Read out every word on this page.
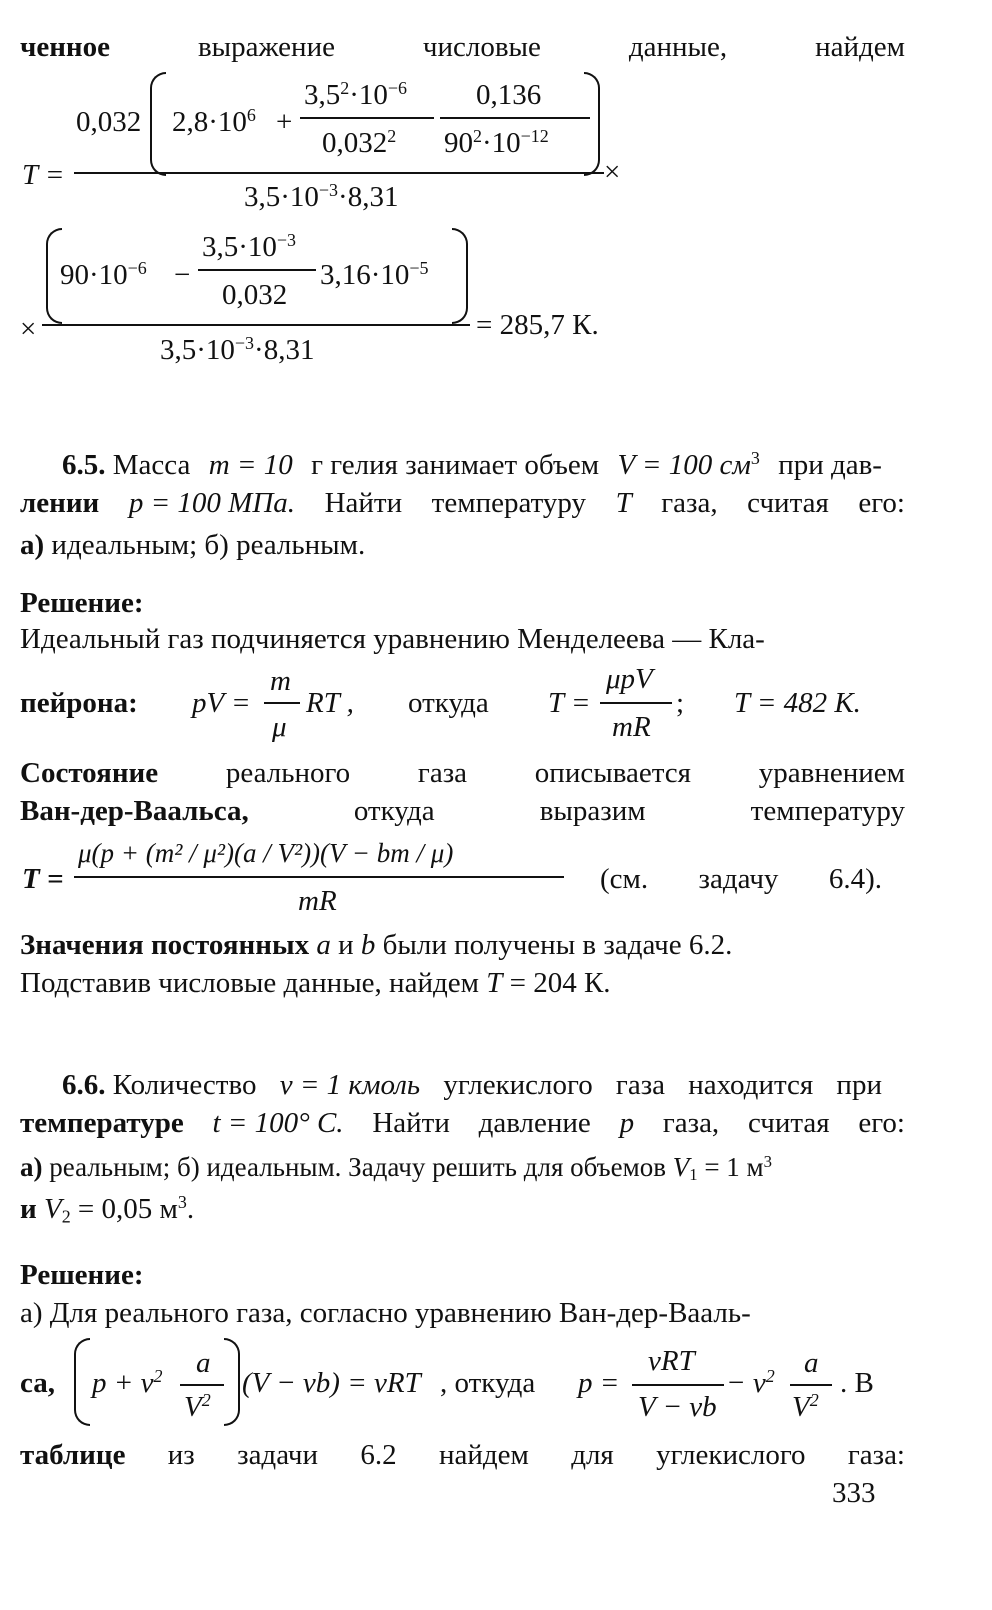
ченное	выражение	числовые	данные,	найдем
0,032 $2,8\cdot 10^6$ +
$3,5^2\cdot 10^{-6}$
0,032$^2$
0,136
$90^2\cdot 10^{-12}$
T =	×
$3,5\cdot 10^{-3}\cdot 8,31$
$90\cdot 10^{-6}$ −
$3,5\cdot 10^{-3}$
0,032
$3,16\cdot 10^{-5}$
×	= 285,7 К.
$3,5\cdot 10^{-3}\cdot 8,31$
6.5. Масса m = 10 г гелия занимает объем V = 100 $см^3$ при дав-
лении p = 100 МПа. Найти температуру T газа, считая его:
а) идеальным; б) реальным.
Решение:
Идеальный газ подчиняется уравнению Менделеева — Кла-
пейрона: pV =
m
μ
RT , откуда T =
μpV
mR
; T = 482 К.
Состояние реального газа описывается уравнением
Ван-дер-Ваальса,	откуда	выразим	температуру
T =
μ(p + (m² / μ²)(a / V²))(V − bm / μ)
mR
(см. задачу 6.4).
Значения постоянных a и b были получены в задаче 6.2.
Подставив числовые данные, найдем T = 204 К.
6.6. Количество ν = 1 кмоль углекислого газа находится при
температуре t = 100° C. Найти давление p газа, считая его:
а) реальным; б) идеальным. Задачу решить для объемов $V_1 = 1$ $м^3$
и $V_2 = 0,05$ $м^3$.
Решение:
а) Для реального газа, согласно уравнению Ван-дер-Вааль-
са, $p + \nu^2$ a
$V^2$
(V − νb) = νRT , откуда p =
νRT
V − νb
− $\nu^2$ a
$V^2$
. В
таблице из задачи 6.2 найдем для углекислого газа:
333
